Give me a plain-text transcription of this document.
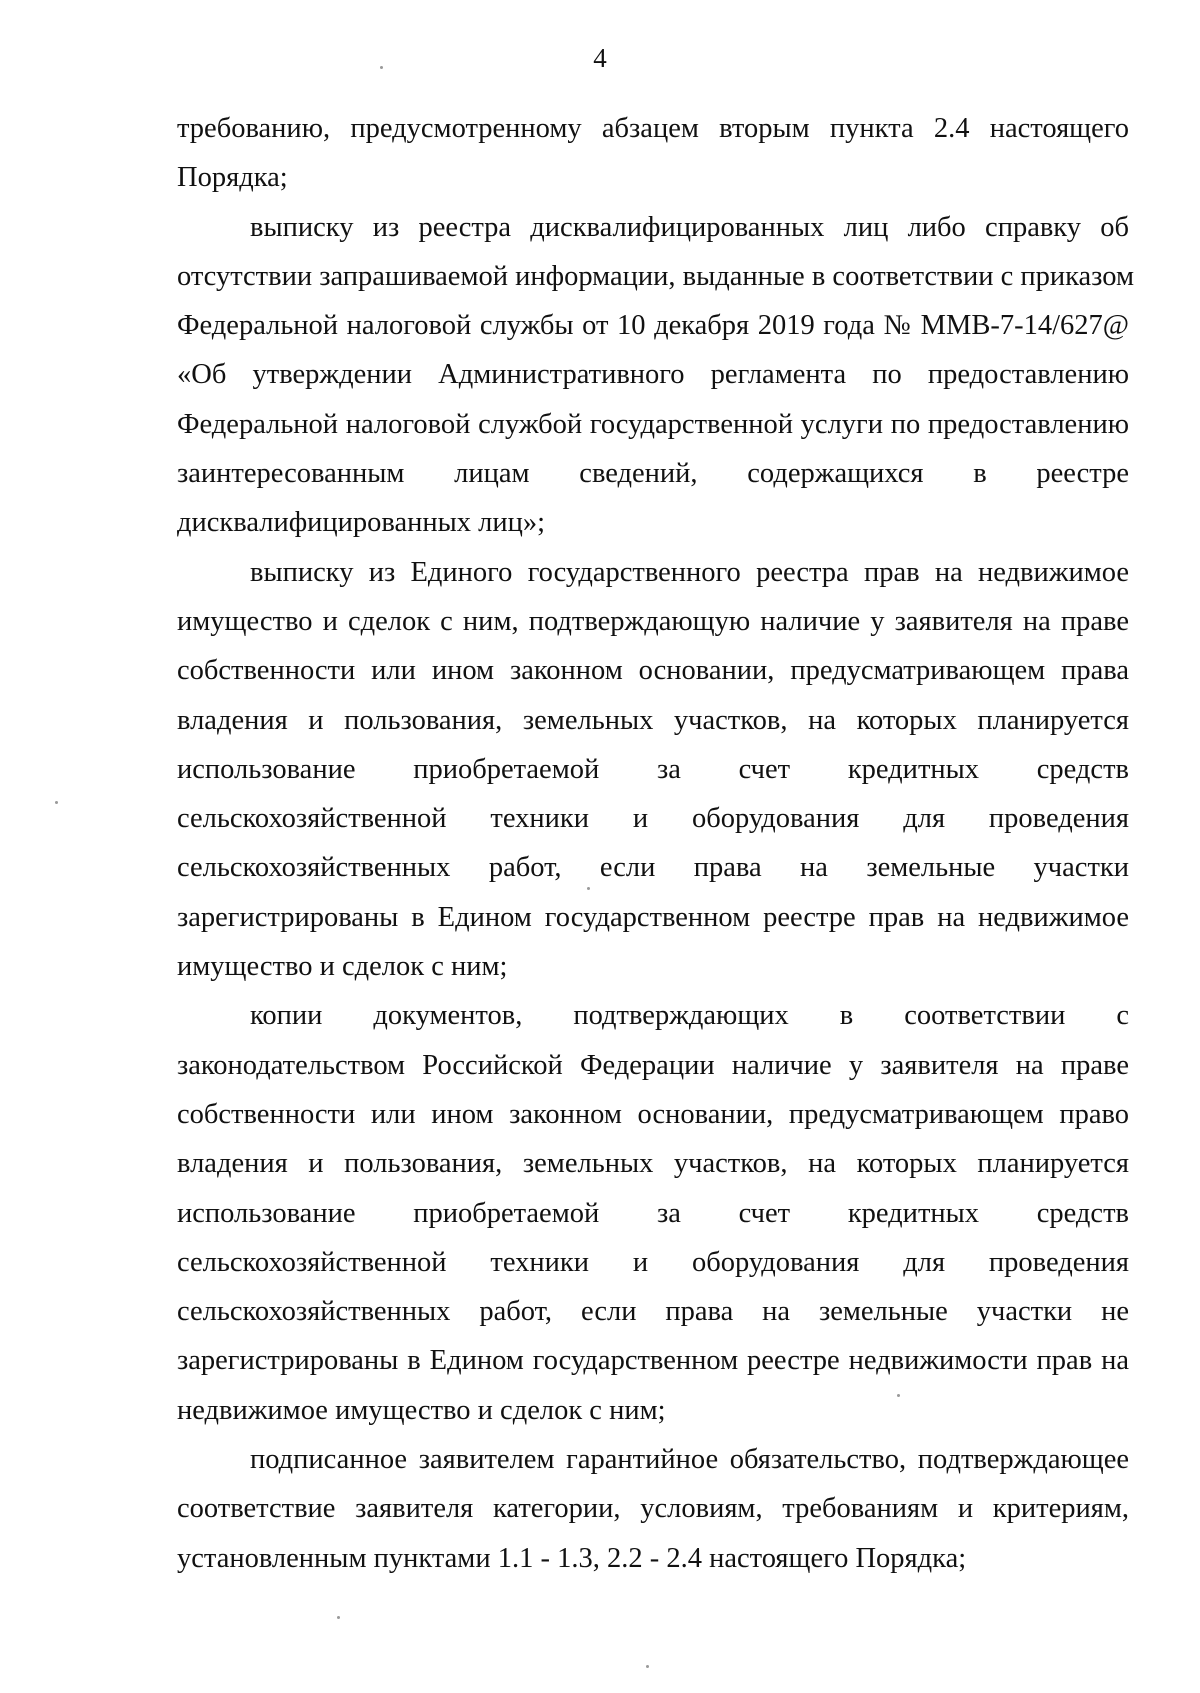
4

требованию, предусмотренному абзацем вторым пункта 2.4 настоящего
Порядка;

выписку из реестра дисквалифицированных лиц либо справку об
отсутствии запрашиваемой информации, выданные в соответствии с приказом
Федеральной налоговой службы от 10 декабря 2019 года № ММВ-7-14/627@
«Об утверждении Административного регламента по предоставлению
Федеральной налоговой службой государственной услуги по предоставлению
заинтересованным лицам сведений, содержащихся в реестре
дисквалифицированных лиц»;

выписку из Единого государственного реестра прав на недвижимое
имущество и сделок с ним, подтверждающую наличие у заявителя на праве
собственности или ином законном основании, предусматривающем права
владения и пользования, земельных участков, на которых планируется
использование приобретаемой за счет кредитных средств
сельскохозяйственной техники и оборудования для проведения
сельскохозяйственных работ, если права на земельные участки
зарегистрированы в Едином государственном реестре прав на недвижимое
имущество и сделок с ним;

копии документов, подтверждающих в соответствии с
законодательством Российской Федерации наличие у заявителя на праве
собственности или ином законном основании, предусматривающем право
владения и пользования, земельных участков, на которых планируется
использование приобретаемой за счет кредитных средств
сельскохозяйственной техники и оборудования для проведения
сельскохозяйственных работ, если права на земельные участки не
зарегистрированы в Едином государственном реестре недвижимости прав на
недвижимое имущество и сделок с ним;

подписанное заявителем гарантийное обязательство, подтверждающее
соответствие заявителя категории, условиям, требованиям и критериям,
установленным пунктами 1.1 - 1.3, 2.2 - 2.4 настоящего Порядка;
